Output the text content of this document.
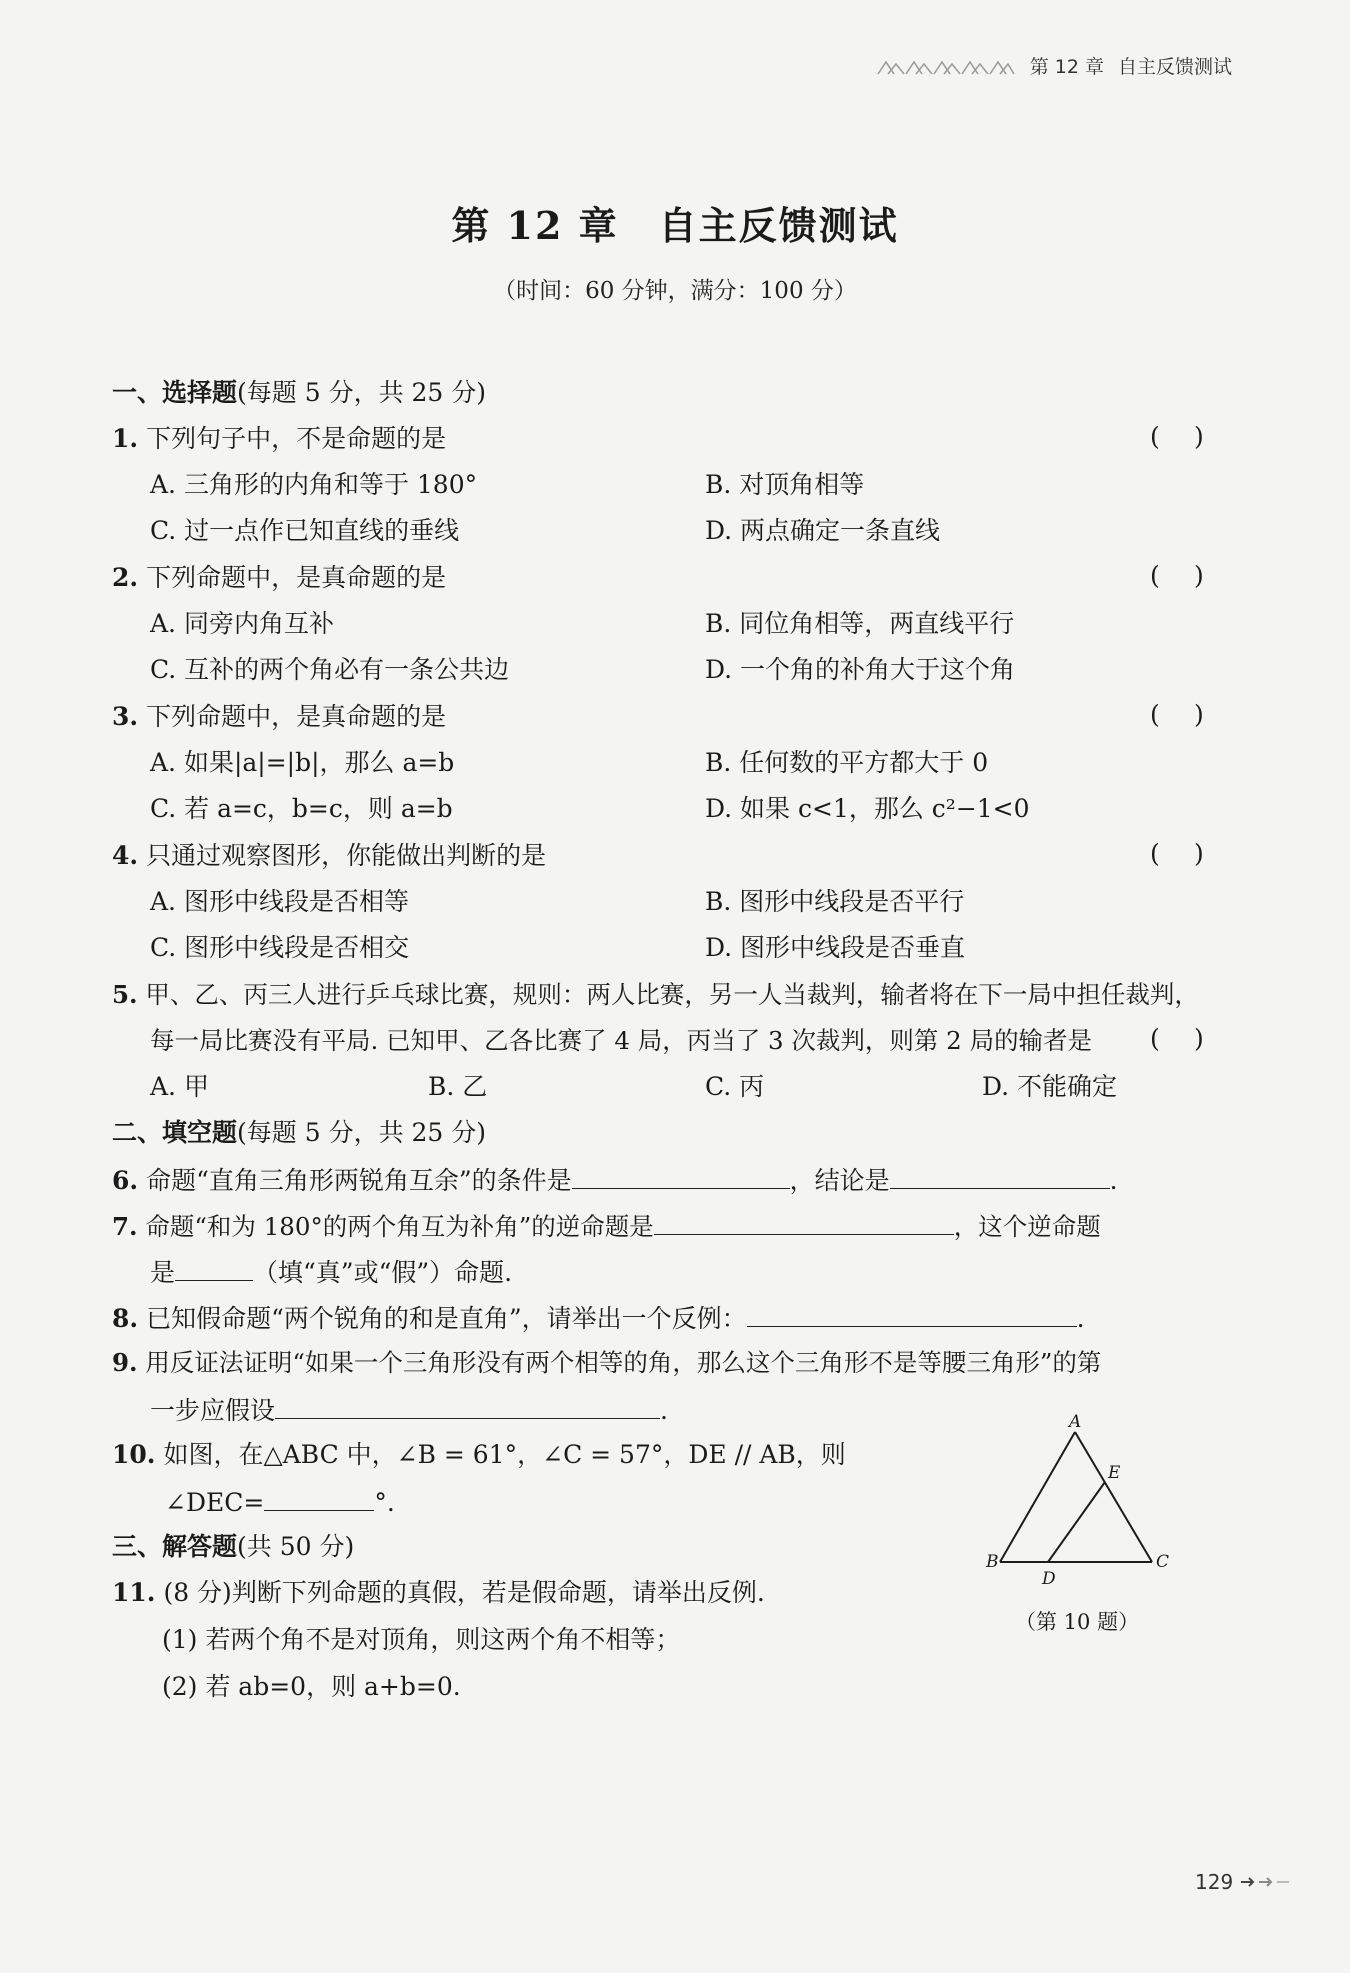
第 12 章 自主反馈测试
第 12 章 自主反馈测试
（时间：60 分钟，满分：100 分）
一、选择题(每题 5 分，共 25 分)
1. 下列句子中，不是命题的是	( )
A. 三角形的内角和等于 180°	B. 对顶角相等
C. 过一点作已知直线的垂线	D. 两点确定一条直线
2. 下列命题中，是真命题的是	( )
A. 同旁内角互补	B. 同位角相等，两直线平行
C. 互补的两个角必有一条公共边	D. 一个角的补角大于这个角
3. 下列命题中，是真命题的是	( )
A. 如果|a|=|b|，那么 a=b	B. 任何数的平方都大于 0
C. 若 a=c，b=c，则 a=b	D. 如果 c<1，那么 c²−1<0
4. 只通过观察图形，你能做出判断的是	( )
A. 图形中线段是否相等	B. 图形中线段是否平行
C. 图形中线段是否相交	D. 图形中线段是否垂直
5. 甲、乙、丙三人进行乒乓球比赛，规则：两人比赛，另一人当裁判，输者将在下一局中担任裁判，
每一局比赛没有平局. 已知甲、乙各比赛了 4 局，丙当了 3 次裁判，则第 2 局的输者是 ( )
A. 甲	B. 乙	C. 丙	D. 不能确定
二、填空题(每题 5 分，共 25 分)
6. 命题“直角三角形两锐角互余”的条件是	，结论是	.
7. 命题“和为 180°的两个角互为补角”的逆命题是	，这个逆命题
是	（填“真”或“假”）命题.
8. 已知假命题“两个锐角的和是直角”，请举出一个反例：	.
9. 用反证法证明“如果一个三角形没有两个相等的角，那么这个三角形不是等腰三角形”的第
一步应假设	.
10. 如图，在△ABC 中，∠B = 61°，∠C = 57°，DE // AB，则
∠DEC=	°.
三、解答题(共 50 分)
11. (8 分)判断下列命题的真假，若是假命题，请举出反例.
(1) 若两个角不是对顶角，则这两个角不相等；
(2) 若 ab=0，则 a+b=0.
A
E
B	C
D
（第 10 题）
129
